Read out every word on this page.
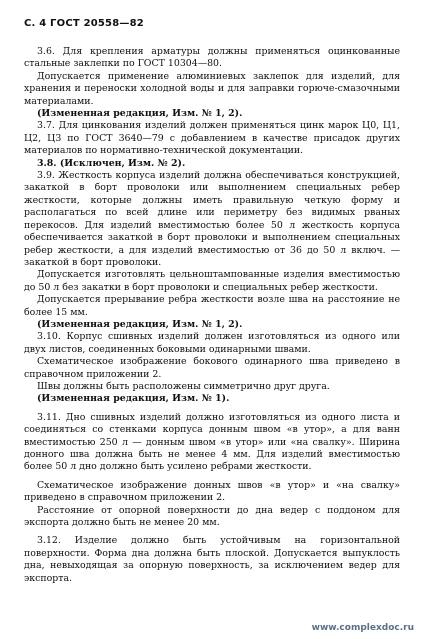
С. 4 ГОСТ 20558—82

3.6. Для крепления арматуры должны применяться оцинкованные стальные заклепки по ГОСТ 10304—80.

Допускается применение алюминиевых заклепок для изделий, для хранения и переноски холодной воды и для заправки горюче-смазочными материалами.

(Измененная редакция, Изм. № 1, 2).

3.7. Для цинкования изделий должен применяться цинк марок Ц0, Ц1, Ц2, Ц3 по ГОСТ 3640—79 с добавлением в качестве присадок других материалов по нормативно-технической документации.

3.8. (Исключен, Изм. № 2).

3.9. Жесткость корпуса изделий должна обеспечиваться конструкцией, закаткой в борт проволоки или выполнением специальных ребер жесткости, которые должны иметь правильную четкую форму и располагаться по всей длине или периметру без видимых рваных перекосов. Для изделий вместимостью более 50 л жесткость корпуса обеспечивается закаткой в борт проволоки и выполнением специальных ребер жесткости, а для изделий вместимостью от 36 до 50 л включ. — закаткой в борт проволоки.

Допускается изготовлять цельноштампованные изделия вместимостью до 50 л без закатки в борт проволоки и специальных ребер жесткости.

Допускается прерывание ребра жесткости возле шва на расстояние не более 15 мм.

(Измененная редакция, Изм. № 1, 2).

3.10. Корпус сшивных изделий должен изготовляться из одного или двух листов, соединенных боковыми одинарными швами.

Схематическое изображение бокового одинарного шва приведено в справочном приложении 2.

Швы должны быть расположены симметрично друг друга.

(Измененная редакция, Изм. № 1).

3.11. Дно сшивных изделий должно изготовляться из одного листа и соединяться со стенками корпуса донным швом «в утор», а для ванн вместимостью 250 л — донным швом «в утор» или «на свалку». Ширина донного шва должна быть не менее 4 мм. Для изделий вместимостью более 50 л дно должно быть усилено ребрами жесткости.

Схематическое изображение донных швов «в утор» и «на свалку» приведено в справочном приложении 2.

Расстояние от опорной поверхности до дна ведер с поддоном для экспорта должно быть не менее 20 мм.

3.12. Изделие должно быть устойчивым на горизонтальной поверхности. Форма дна должна быть плоской. Допускается выпуклость дна, невыходящая за опорную поверхность, за исключением ведер для экспорта.

www.complexdoc.ru
